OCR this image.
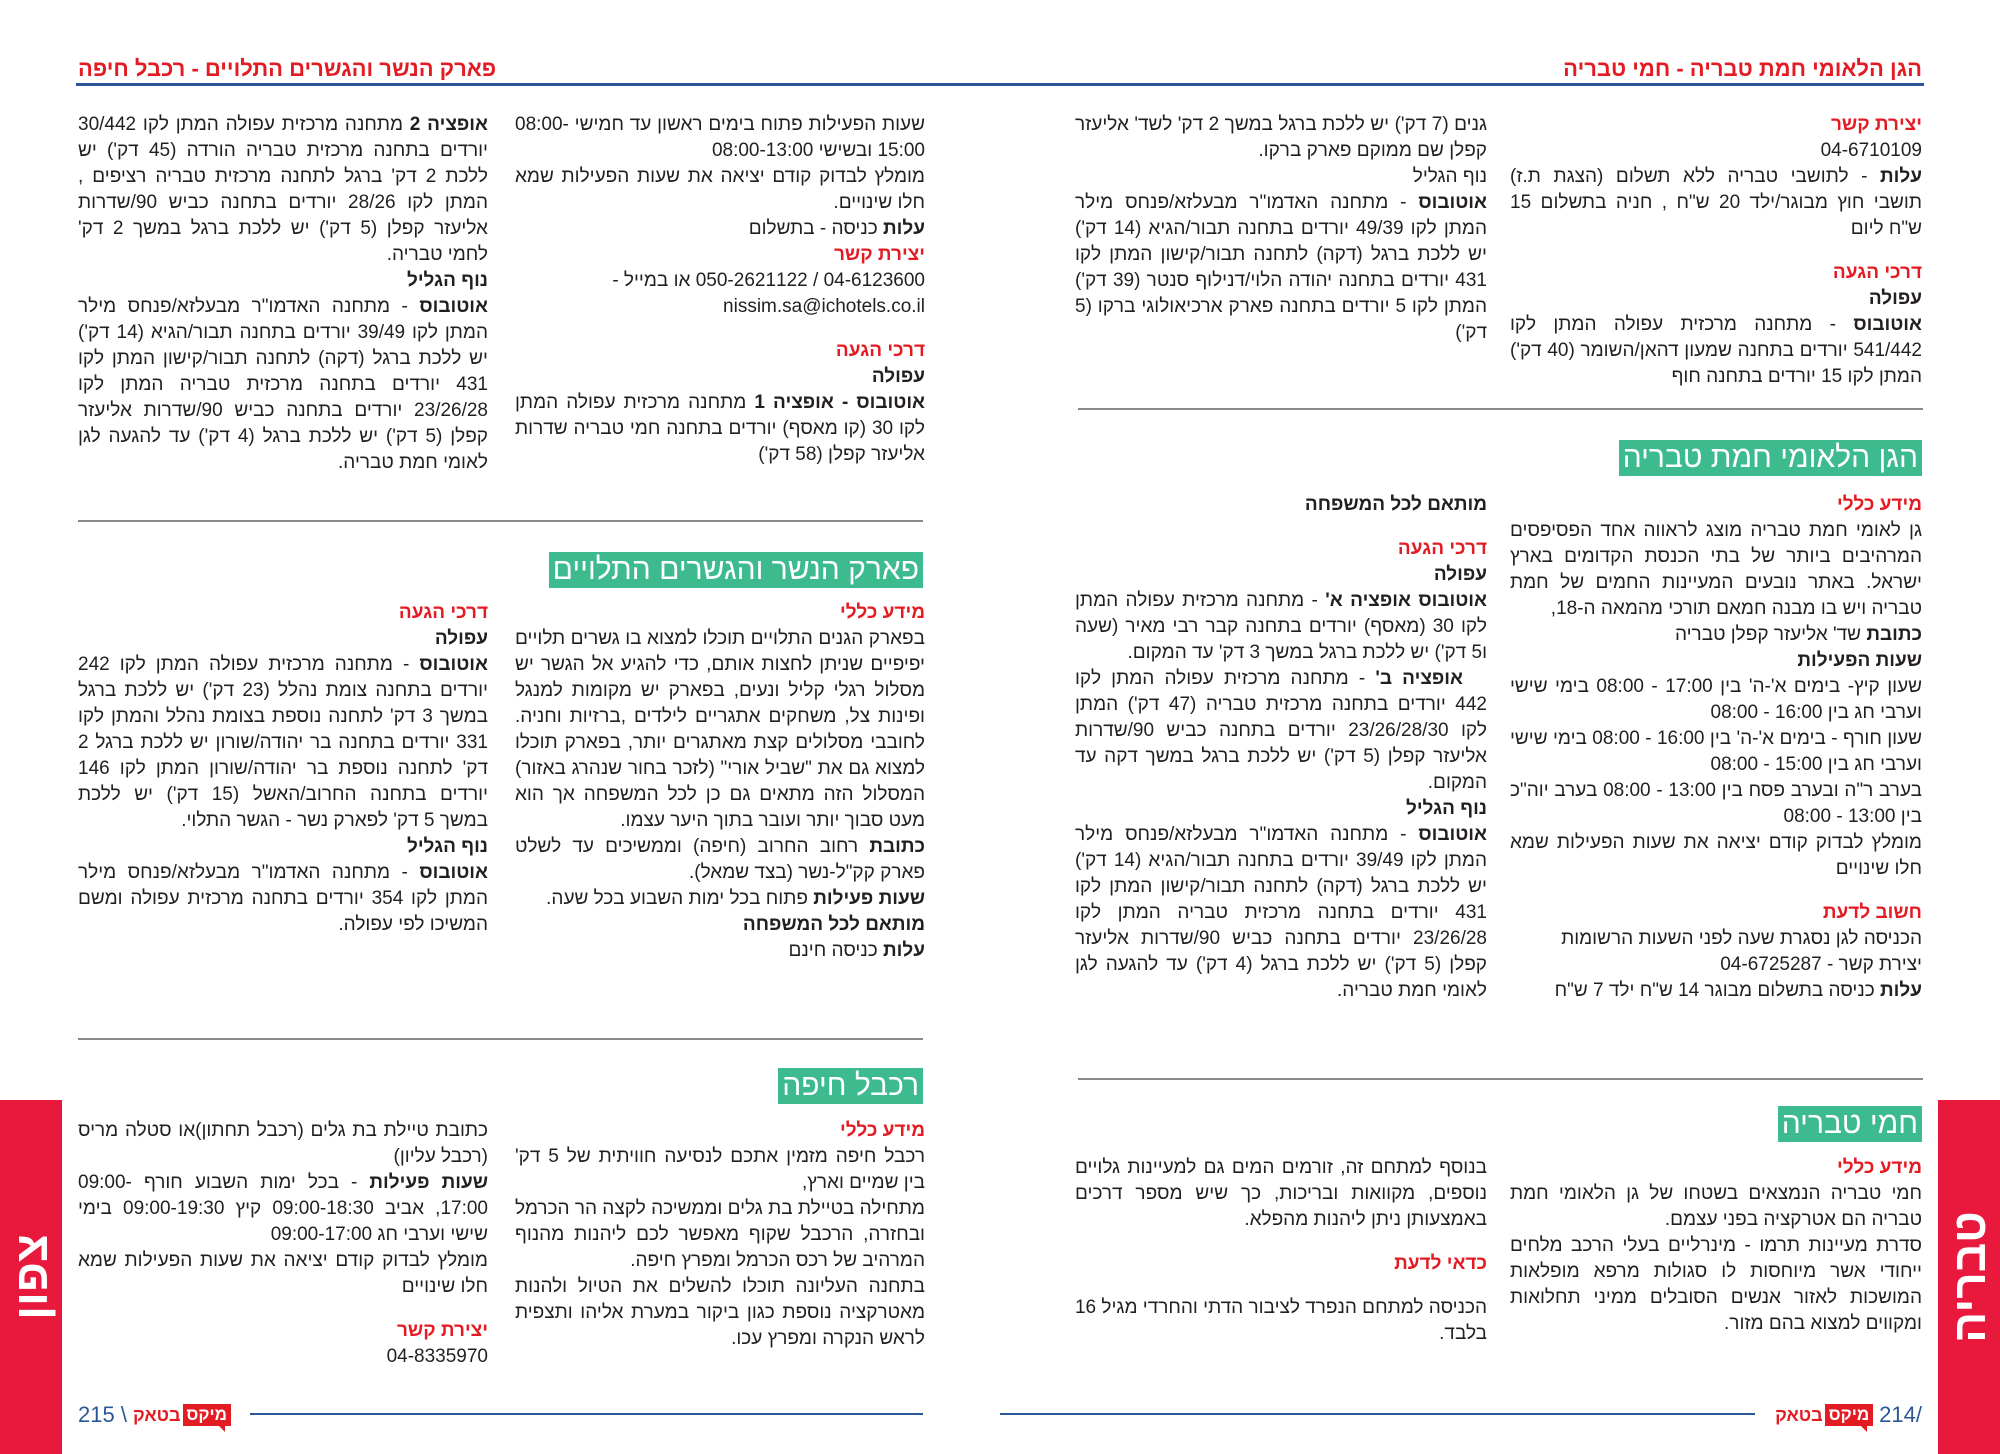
פארק הנשר והגשרים התלויים - רכבל חיפה

שעות הפעילות פתוח בימים ראשון עד חמישי 08:00-15:00 ובשישי 08:00-13:00

מומלץ לבדוק קודם יציאה את שעות הפעילות שמא חלו שינויים.

עלות כניסה - בתשלום

יצירת קשר

04-6123600 / 050-2621122 או במייל -

nissim.sa@ichotels.co.il

דרכי הגעה

עפולה

אוטובוס - אופציה 1 מתחנה מרכזית עפולה המתן לקו 30 (קו מאסף) יורדים בתחנה חמי טבריה שדרות אליעזר קפלן (58 דק')

אופציה 2 מתחנה מרכזית עפולה המתן לקו 30/442 יורדים בתחנה מרכזית טבריה הורדה (45 דק') יש ללכת 2 דק' ברגל לתחנה מרכזית טבריה רציפים , המתן לקו 28/26 יורדים בתחנה כביש 90/שדרות אליעזר קפלן (5 דק') יש ללכת ברגל במשך 2 דק' לחמי טבריה.

נוף הגליל

אוטובוס - מתחנה האדמו"ר מבעלזא/פנחס מילר המתן לקו 39/49 יורדים בתחנה תבור/הגיא (14 דק') יש ללכת ברגל (דקה) לתחנה תבור/קישון המתן לקו 431 יורדים בתחנה מרכזית טבריה המתן לקו 23/26/28 יורדים בתחנה כביש 90/שדרות אליעזר קפלן (5 דק') יש ללכת ברגל (4 דק') עד להגעה לגן לאומי חמת טבריה.

פארק הנשר והגשרים התלויים

מידע כללי

בפארק הגנים התלויים תוכלו למצוא בו גשרים תלויים יפיפיים שניתן לחצות אותם, כדי להגיע אל הגשר יש מסלול רגלי קליל ונעים, בפארק יש מקומות למנגל ופינות צל, משחקים אתגריים לילדים ,ברזיות וחניה. לחובבי מסלולים קצת מאתגרים יותר, בפארק תוכלו למצוא גם את "שביל אורי" (לזכר בחור שנהרג באזור) המסלול הזה מתאים גם כן לכל המשפחה אך הוא מעט סבוך יותר ועובר בתוך היער עצמו.

כתובת רחוב החרוב (חיפה) וממשיכים עד לשלט פארק קק"ל-נשר (בצד שמאל).

שעות פעילות פתוח בכל ימות השבוע בכל שעה.

מותאם לכל המשפחה

עלות כניסה חינם

דרכי הגעה

עפולה

אוטובוס - מתחנה מרכזית עפולה המתן לקו 242 יורדים בתחנה צומת נהלל (23 דק') יש ללכת ברגל במשך 3 דק' לתחנה נוספת בצומת נהלל והמתן לקו 331 יורדים בתחנה בר יהודה/שורון יש ללכת ברגל 2 דק' לתחנה נוספת בר יהודה/שורון המתן לקו 146 יורדים בתחנה החרוב/האשל (15 דק') יש ללכת במשך 5 דק' לפארק נשר - הגשר התלוי.

נוף הגליל

אוטובוס - מתחנה האדמו"ר מבעלזא/פנחס מילר המתן לקו 354 יורדים בתחנה מרכזית עפולה ומשם המשיכו לפי עפולה.

רכבל חיפה

מידע כללי

רכבל חיפה מזמין אתכם לנסיעה חוויתית של 5 דק' בין שמיים וארץ,

מתחילה בטיילת בת גלים וממשיכה לקצה הר הכרמל ובחזרה, הרכבל שקוף מאפשר לכם ליהנות מהנוף המרהיב של רכס הכרמל ומפרץ חיפה.

בתחנה העליונה תוכלו להשלים את הטיול ולהנות מאטרקציה נוספת כגון ביקור במערת אליהו ותצפית לראש הנקרה ומפרץ עכו.

כתובת טיילת בת גלים (רכבל תחתון)או סטלה מריס (רכבל עליון)

שעות פעילות - בכל ימות השבוע חורף -09:00 17:00, אביב 09:00-18:30 קיץ 09:00-19:30 בימי שישי וערבי חג 09:00-17:00

מומלץ לבדוק קודם יציאה את שעות הפעילות שמא חלו שינויים

יצירת קשר

04-8335970

צפון
מיקס
בטאק
215 \
הגן הלאומי חמת טבריה - חמי טבריה

יצירת קשר

04-6710109

עלות - לתושבי טבריה ללא תשלום (הצגת ת.ז) תושבי חוץ מבוגר/ילד 20 ש"ח , חניה בתשלום 15 ש"ח ליום

דרכי הגעה

עפולה

אוטובוס - מתחנה מרכזית עפולה המתן לקו 541/442 יורדים בתחנה שמעון דהאן/השומר (40 דק') המתן לקו 15 יורדים בתחנה חוף

גנים (7 דק') יש ללכת ברגל במשך 2 דק' לשד' אליעזר קפלן שם ממוקם פארק ברקו.

נוף הגליל

אוטובוס - מתחנה האדמו"ר מבעלזא/פנחס מילר המתן לקו 49/39 יורדים בתחנה תבור/הגיא (14 דק') יש ללכת ברגל (דקה) לתחנה תבור/קישון המתן לקו 431 יורדים בתחנה יהודה הלוי/דנילוף סנטר (39 דק') המתן לקו 5 יורדים בתחנה פארק ארכיאולוגי ברקו (5 דק')

הגן הלאומי חמת טבריה

מידע כללי

גן לאומי חמת טבריה מוצג לראווה אחד הפסיפסים המרהיבים ביותר של בתי הכנסת הקדומים בארץ ישראל. באתר נובעים המעיינות החמים של חמת טבריה ויש בו מבנה חמאם תורכי מהמאה ה-18,

כתובת שד' אליעזר קפלן טבריה

שעות הפעילות

שעון קיץ- בימים א'-ה' בין 17:00 - 08:00 בימי שישי וערבי חג בין 16:00 - 08:00

שעון חורף - בימים א'-ה' בין 16:00 - 08:00 בימי שישי וערבי חג בין 15:00 - 08:00

בערב ר"ה ובערב פסח בין 13:00 - 08:00 בערב יוה"כ בין 13:00 - 08:00

מומלץ לבדוק קודם יציאה את שעות הפעילות שמא חלו שינויים

חשוב לדעת

הכניסה לגן נסגרת שעה לפני השעות הרשומות

יצירת קשר - 04-6725287

עלות כניסה בתשלום מבוגר 14 ש"ח ילד 7 ש"ח

מותאם לכל המשפחה

דרכי הגעה

עפולה

אוטובוס אופציה א' - מתחנה מרכזית עפולה המתן לקו 30 (מאסף) יורדים בתחנה קבר רבי מאיר (שעה ו5 דק') יש ללכת ברגל במשך 3 דק' עד המקום.

אופציה ב' - מתחנה מרכזית עפולה המתן לקו 442 יורדים בתחנה מרכזית טבריה (47 דק') המתן לקו 23/26/28/30 יורדים בתחנה כביש 90/שדרות אליעזר קפלן (5 דק') יש ללכת ברגל במשך דקה עד המקום.

נוף הגליל

אוטובוס - מתחנה האדמו"ר מבעלזא/פנחס מילר המתן לקו 39/49 יורדים בתחנה תבור/הגיא (14 דק') יש ללכת ברגל (דקה) לתחנה תבור/קישון המתן לקו 431 יורדים בתחנה מרכזית טבריה המתן לקו 23/26/28 יורדים בתחנה כביש 90/שדרות אליעזר קפלן (5 דק') יש ללכת ברגל (4 דק') עד להגעה לגן לאומי חמת טבריה.

חמי טבריה

מידע כללי

חמי טבריה הנמצאים בשטחו של גן הלאומי חמת טבריה הם אטרקציה בפני עצמם.

סדרת מעיינות תרמו - מינרליים בעלי הרכב מלחים ייחודי אשר מיוחסות לו סגולות מרפא מופלאות המושכות לאזור אנשים הסובלים ממיני תחלואות ומקווים למצוא בהם מזור.

בנוסף למתחם זה, זורמים המים גם למעיינות גלויים נוספים, מקוואות ובריכות, כך שיש מספר דרכים באמצעותן ניתן ליהנות מהפלא.

כדאי לדעת

הכניסה למתחם הנפרד לציבור הדתי והחרדי מגיל 16 בלבד.	טבריה
214/
מיקס
בטאק
